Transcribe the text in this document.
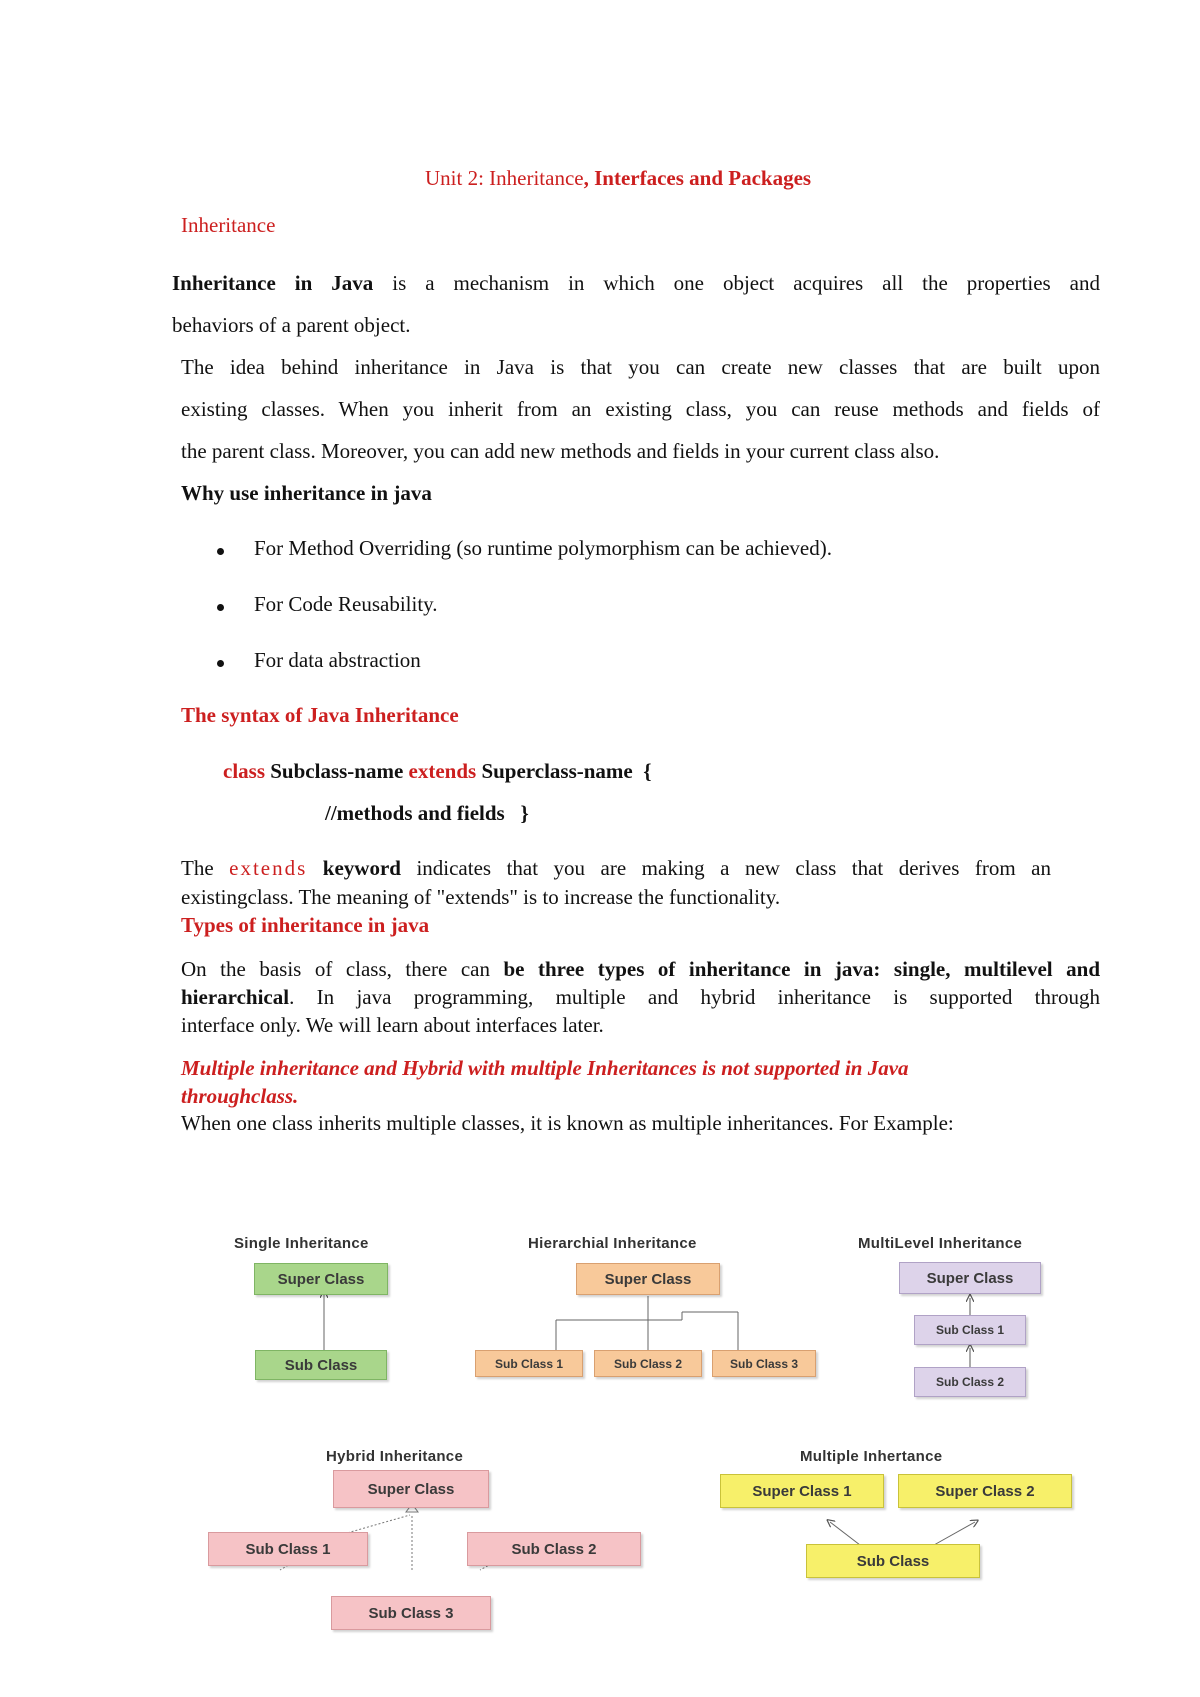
Unit 2: Inheritance, Interfaces and Packages
Inheritance
Inheritance in Java is a mechanism in which one object acquires all the properties and
behaviors of a parent object.
The idea behind inheritance in Java is that you can create new classes that are built upon
existing classes. When you inherit from an existing class, you can reuse methods and fields of
the parent class. Moreover, you can add new methods and fields in your current class also.
Why use inheritance in java
For Method Overriding (so runtime polymorphism can be achieved).
For Code Reusability.
For data abstraction
The syntax of Java Inheritance
class Subclass-name extends Superclass-name  {
//methods and fields   }
The extends keyword indicates that you are making a new class that derives from an
existingclass. The meaning of "extends" is to increase the functionality.
Types of inheritance in java
On the basis of class, there can be three types of inheritance in java: single, multilevel and
hierarchical. In java programming, multiple and hybrid inheritance is supported through
interface only. We will learn about interfaces later.
Multiple inheritance and Hybrid with multiple Inheritances is not supported in Java
throughclass.
When one class inherits multiple classes, it is known as multiple inheritances. For Example:
Single Inheritance
Super Class
Sub Class
Hierarchial Inheritance
Super Class
Sub Class 1	Sub Class 2	Sub Class 3
MultiLevel Inheritance
Super Class
Sub Class 1
Sub Class 2
Hybrid Inheritance
Super Class
Sub Class 1	Sub Class 2
Sub Class 3
Multiple Inhertance
Super Class 1	Super Class 2
Sub Class
